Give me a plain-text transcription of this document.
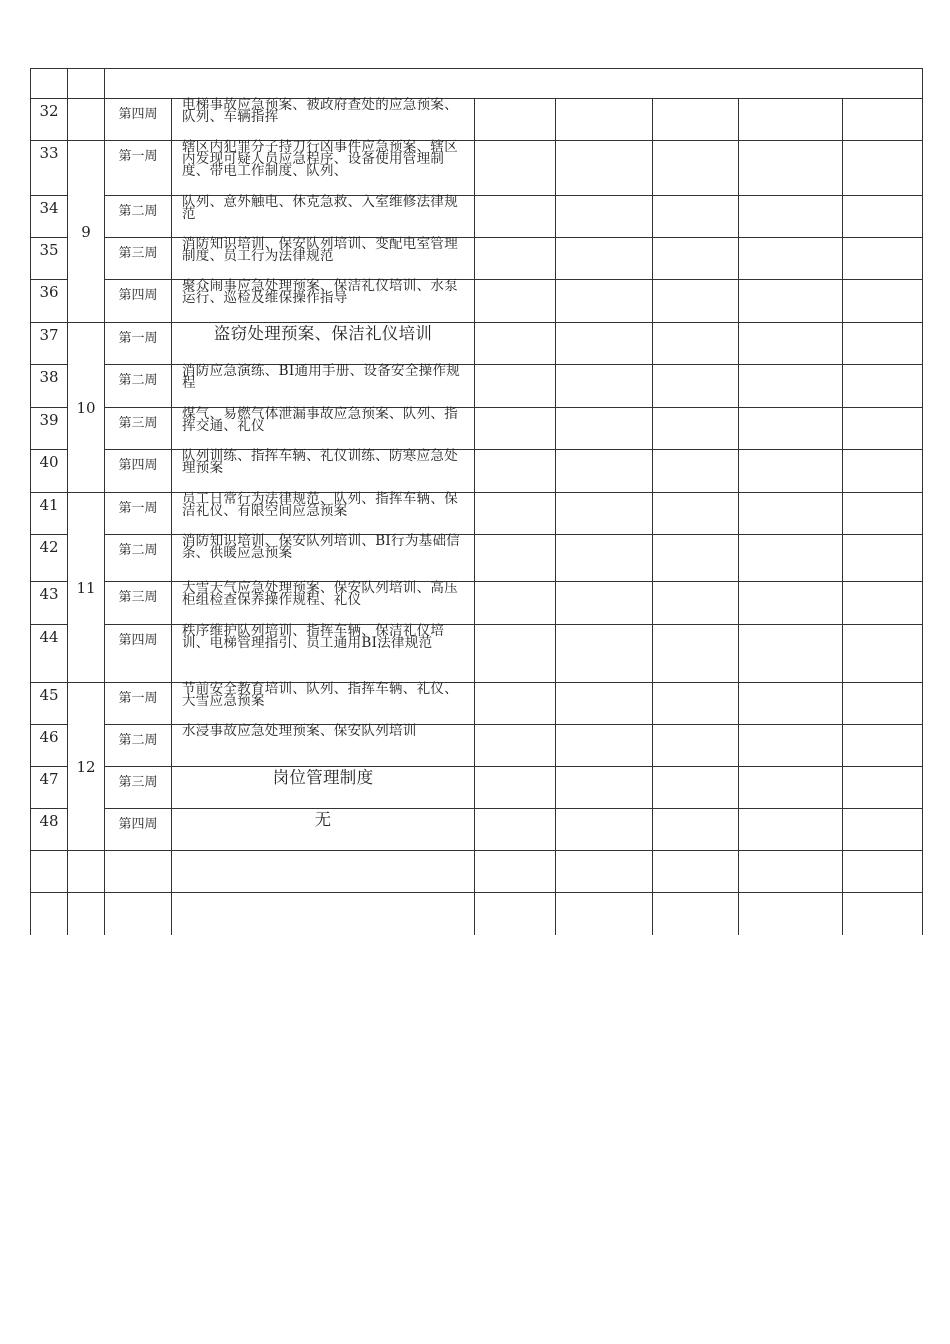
32		第四周	电梯事故应急预案、被政府查处的应急预案、队列、车辆指挥					
33	9	第一周	辖区内犯罪分子持刀行凶事件应急预案、辖区内发现可疑人员应急程序、设备使用管理制度、带电工作制度、队列、					
34		第二周	队列、意外触电、休克急救、入室维修法律规范					
35		第三周	消防知识培训、保安队列培训、变配电室管理制度、员工行为法律规范					
36		第四周	聚众闹事应急处理预案、保洁礼仪培训、水泵运行、巡检及维保操作指导					
37	10	第一周	盗窃处理预案、保洁礼仪培训					
38		第二周	消防应急演练、BI通用手册、设备安全操作规程					
39		第三周	煤气、易燃气体泄漏事故应急预案、队列、指挥交通、礼仪					
40		第四周	队列训练、指挥车辆、礼仪训练、防寒应急处理预案					
41	11	第一周	员工日常行为法律规范、队列、指挥车辆、保洁礼仪、有限空间应急预案					
42		第二周	消防知识培训、保安队列培训、BI行为基础信条、供暖应急预案					
43		第三周	大雪天气应急处理预案、保安队列培训、高压柜组检查保养操作规程、礼仪					
44		第四周	秩序维护队列培训、指挥车辆、保洁礼仪培训、电梯管理指引、员工通用BI法律规范					
45	12	第一周	节前安全教育培训、队列、指挥车辆、礼仪、大雪应急预案					
46		第二周	水浸事故应急处理预案、保安队列培训					
47		第三周	岗位管理制度					
48		第四周	无					
